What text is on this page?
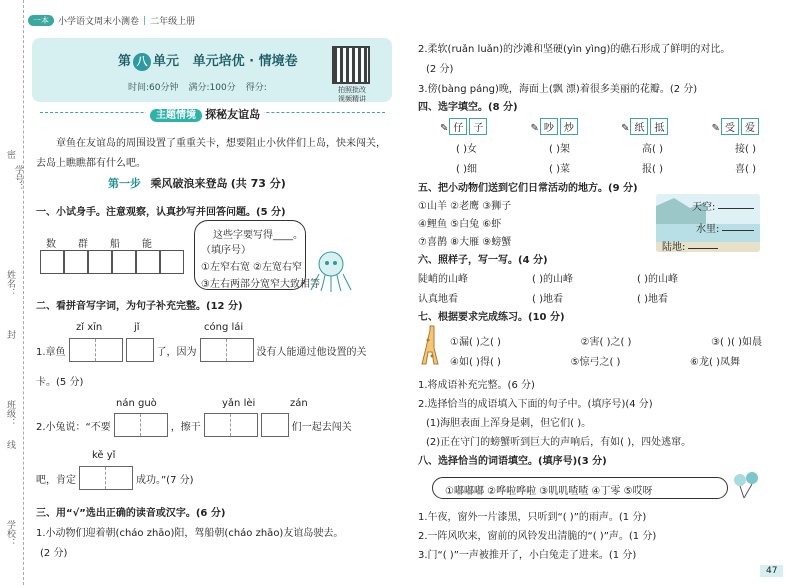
学校：
线
班级：
封
姓名：
密
学号：
一本	小学语文周末小测卷 | 二年级上册
第 八 单元 单元培优 · 情境卷
时间:60分钟 满分:100分 得分:	拍照批改
视频精讲
主题情境 探秘友谊岛
章鱼在友谊岛的周围设置了重重关卡，想要阻止小伙伴们上岛，快来闯关，
去岛上瞧瞧都有什么吧。
第一步 乘风破浪来登岛 (共 73 分)
一、小试身手。注意观察，认真抄写并回答问题。(5 分)
数 群 船 能
这些字要写得____。
（填序号）
①左窄右宽 ②左宽右窄
③左右两部分宽窄大致相等
二、看拼音写字词，为句子补充完整。(12 分)
zǐ xīn	jǐ	cóng lái
1.章鱼	了，因为	没有人能通过他设置的关
卡。(5 分)
nán guò	yǎn lèi	zán
2.小兔说：“不要	，擦干	们一起去闯关
kě yǐ
吧，肯定	成功。”(7 分)
三、用“√”选出正确的读音或汉字。(6 分)
1.小动物们迎着朝(cháo zhāo)阳，驾船朝(cháo zhāo)友谊岛驶去。
(2 分)
2.柔软(ruǎn luǎn)的沙滩和坚硬(yìn yìng)的礁石形成了鲜明的对比。
(2 分)
3.傍(bàng páng)晚，海面上(飘 漂)着很多美丽的花瓣。(2 分)
四、选字填空。(8 分)
✎ 仔 子	✎ 吵 炒	✎ 纸 抵	✎ 受 爱
( )女	( )架	高( )	接( )
( )细	( )菜	报( )	喜( )
五、把小动物们送到它们日常活动的地方。(9 分)
①山羊 ②老鹰 ③狮子
④鲤鱼 ⑤白兔 ⑥虾
⑦喜鹊 ⑧大雁 ⑨螃蟹
天空:
水里:
陆地:
六、照样子，写一写。(4 分)
陡峭的山峰	( )的山峰	( )的山峰
认真地看	( )地看	( )地看
七、根据要求完成练习。(10 分)
①漏( )之( )	②害( )之( )	③( )( )如晨
④如( )得( )	⑤惊弓之( )	⑥龙( )凤舞
1.将成语补充完整。(6 分)
2.选择恰当的成语填入下面的句子中。(填序号)(4 分)
(1)海胆表面上浑身是刺，但它们( )。
(2)正在守门的螃蟹听到巨大的声响后，有如( )，四处逃窜。
八、选择恰当的词语填空。(填序号)(3 分)
①嘟嘟嘟 ②哗啦哗啦 ③叽叽喳喳 ④丁零 ⑤哎呀
1.午夜，窗外一片漆黑，只听到“( )”的雨声。(1 分)
2.一阵风吹来，窗前的风铃发出清脆的“( )”声。(1 分)
3.门“( )”一声被推开了，小白兔走了进来。(1 分)
47
